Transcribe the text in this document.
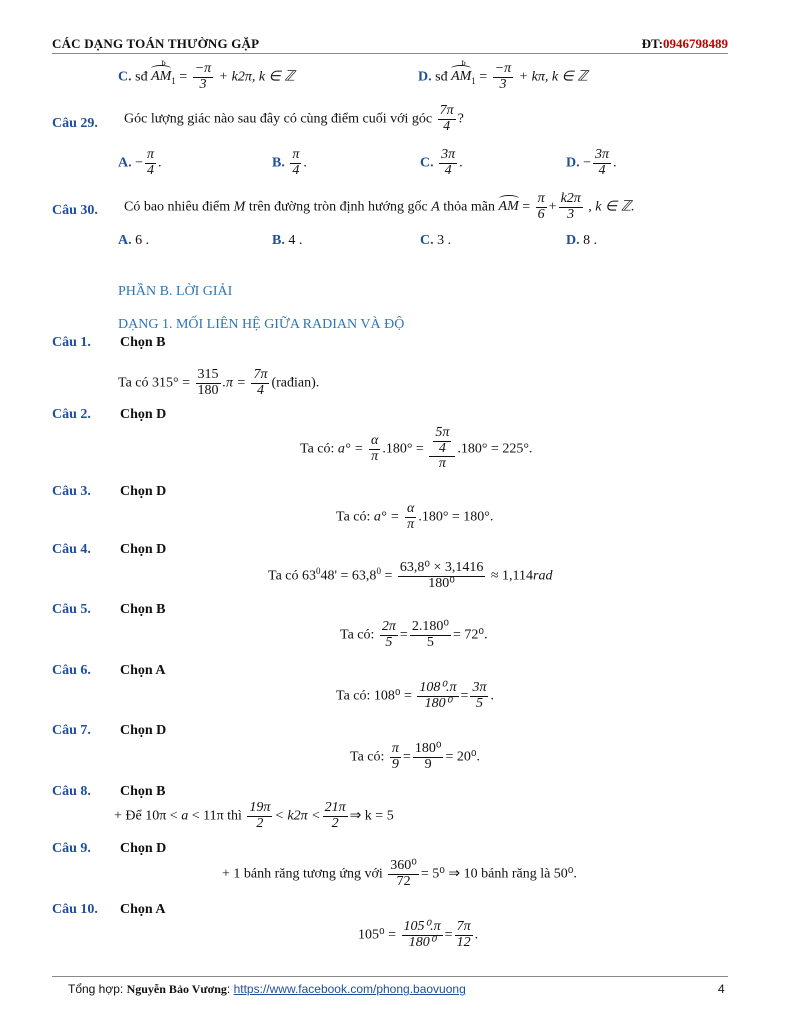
CÁC DẠNG TOÁN THƯỜNG GẶP	ĐT:0946798489
C. sđ AM
Þ
$_1 = \frac{-\pi}{3} + k2\pi$, k ∈ ℤ	D. sđ AM
Þ
$_1 = \frac{-\pi}{3} + k\pi$, k ∈ ℤ
Câu 29. Góc lượng giác nào sau đây có cùng điểm cuối với góc $\frac{7\pi}{4}$ ?
A. − $\frac{\pi}{4}$ .	B. $\frac{\pi}{4}$ .	C. $\frac{3\pi}{4}$ .	D. − $\frac{3\pi}{4}$ .
Câu 30. Có bao nhiêu điểm M trên đường tròn định hướng gốc A thỏa mãn AM = $\frac{\pi}{6} + \frac{k2\pi}{3}$ , k ∈ ℤ.
A. 6 .	B. 4 .	C. 3 .	D. 8 .
PHẦN B. LỜI GIẢI
DẠNG 1. MỐI LIÊN HỆ GIỮA RADIAN VÀ ĐỘ
Câu 1. Chọn B
Ta có $315^\circ = \frac{315}{180} .\pi = \frac{7\pi}{4}$ (rađian).
Câu 2. Chọn D
Ta có: $a^\circ = \frac{\alpha}{\pi} .180^\circ = \frac{\frac{5\pi}{4}}{\pi} .180^\circ = 225^\circ$.
Câu 3. Chọn D
Ta có: $a^\circ = \frac{\alpha}{\pi} .180^\circ = 180^\circ$.
Câu 4. Chọn D
Ta có $63^048' = 63,8^0 = \frac{\text{63,8⁰ × 3,1416}}{\text{180⁰}} \approx 1,114rad$
Câu 5. Chọn B
Ta có: $\frac{2\pi}{5} = \frac{\text{2.180⁰}}{5} = 72^0$.
Câu 6. Chọn A
Ta có: $108^0 = \frac{\text{108⁰.π}}{\text{180⁰}} = \frac{3\pi}{5}$ .
Câu 7. Chọn D
Ta có: $\frac{\pi}{9} = \frac{\text{180⁰}}{9} = 20^0$.
Câu 8. Chọn B
+ Để 10π < a < 11π thì $\frac{19\pi}{2} < k2\pi < \frac{21\pi}{2}$ ⇒ k = 5
Câu 9. Chọn D
+ 1 bánh răng tương ứng với $\frac{\text{360⁰}}{72} = 5^0$ ⇒ 10 bánh răng là 50⁰.
Câu 10. Chọn A
$105^0 = \frac{\text{105⁰.π}}{\text{180⁰}} = \frac{7\pi}{12}$ .
Tổng hợp: Nguyễn Bảo Vương: https://www.facebook.com/phong.baovuong	4
